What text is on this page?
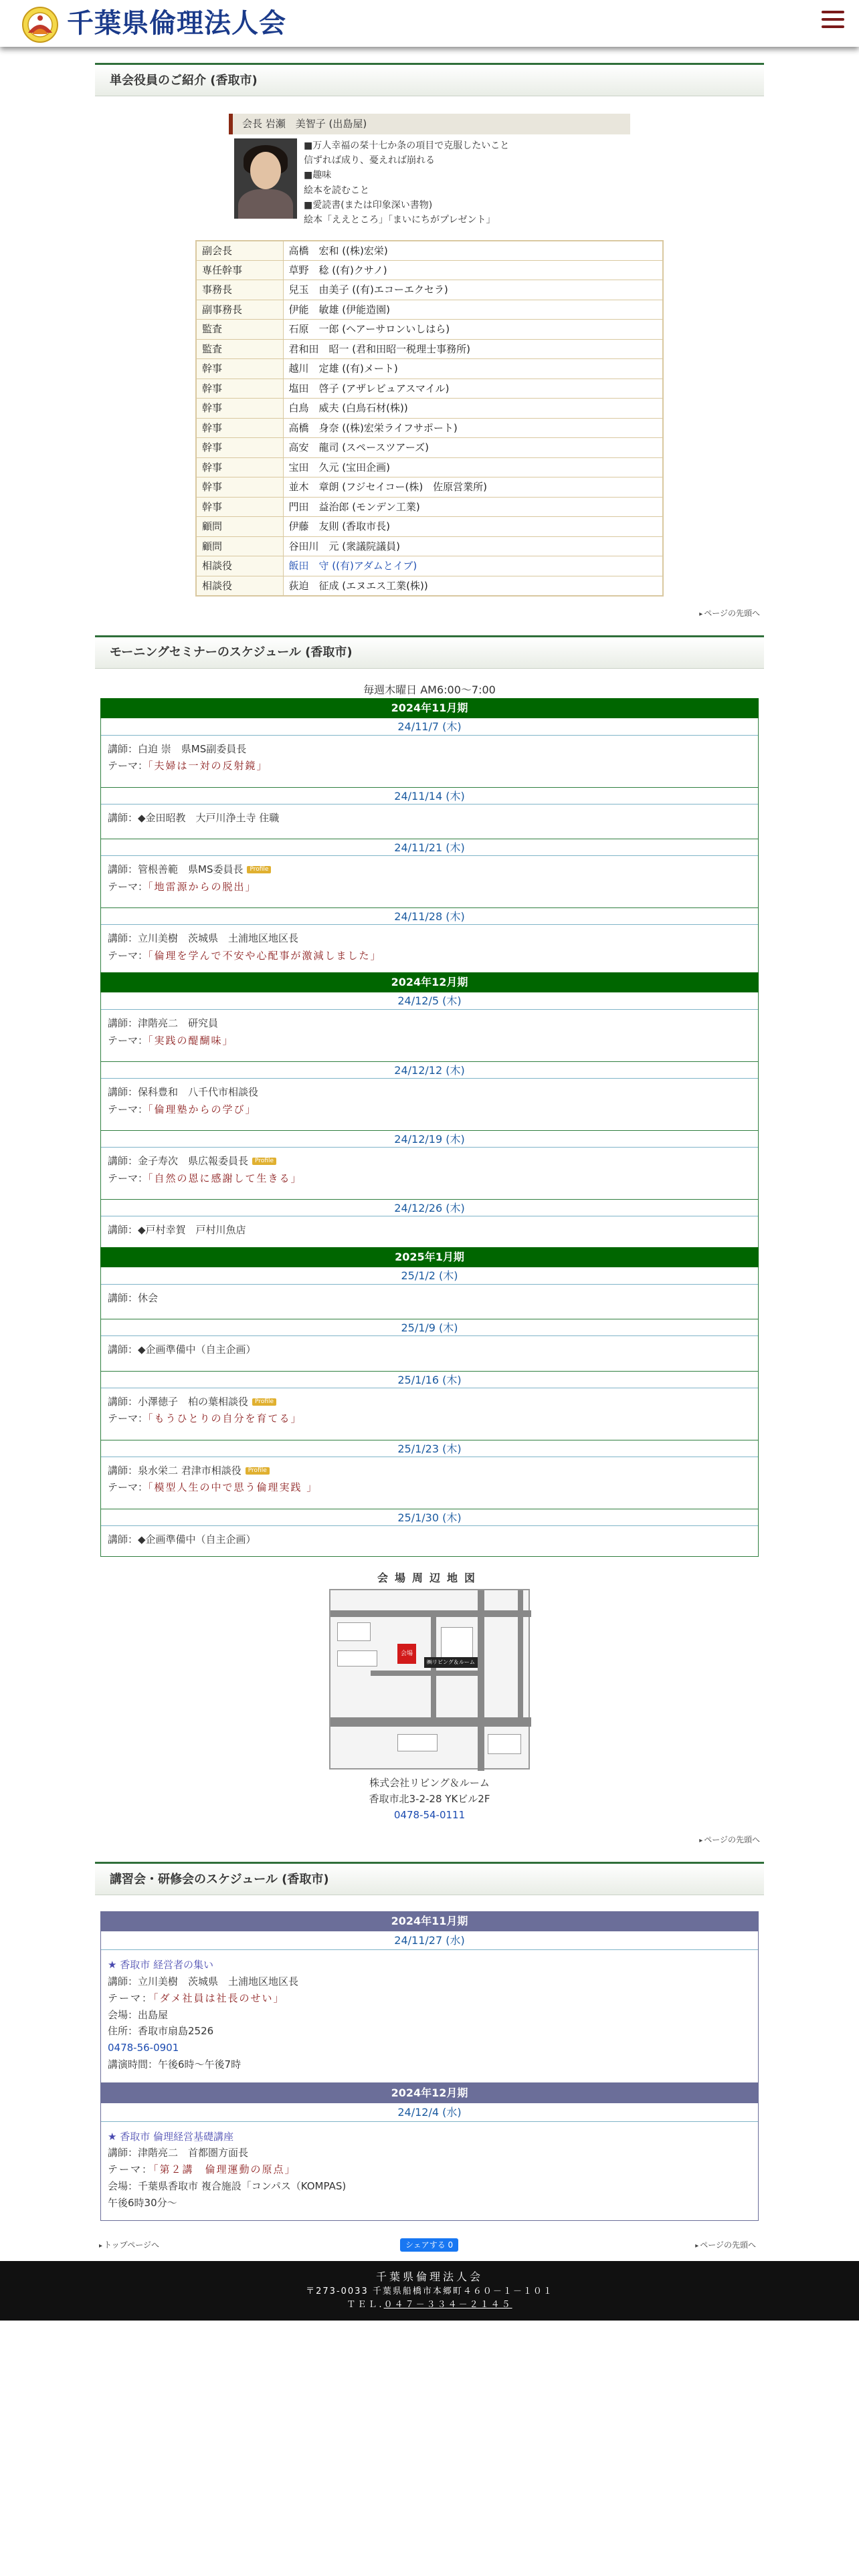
千葉県倫理法人会
単会役員のご紹介 (香取市)
会長 岩瀬　美智子 (出島屋)

■万人幸福の栞十七か条の項目で克服したいこと

信ずれば成り、憂えれば崩れる

■趣味

絵本を読むこと

■愛読書(または印象深い書物)

絵本「ええところ」「まいにちがプレゼント」

副会長	高橋　宏和 ((株)宏栄)
専任幹事	草野　稔 ((有)クサノ)
事務長	兒玉　由美子 ((有)エコーエクセラ)
副事務長	伊能　敏雄 (伊能造園)
監査	石原　一郎 (ヘアーサロンいしはら)
監査	君和田　昭一 (君和田昭一税理士事務所)
幹事	越川　定雄 ((有)メート)
幹事	塩田　啓子 (アザレビュアスマイル)
幹事	白鳥　威夫 (白鳥石材(株))
幹事	高橋　身奈 ((株)宏栄ライフサポート)
幹事	高安　龍司 (スペースツアーズ)
幹事	宝田　久元 (宝田企画)
幹事	並木　章朗 (フジセイコー(株)　佐原営業所)
幹事	門田　益治郎 (モンデン工業)
顧問	伊藤　友則 (香取市長)
顧問	谷田川　元 (衆議院議員)
相談役	飯田　守 ((有)アダムとイブ)
相談役	荻迫　征成 (エヌエス工業(株))
▸ ページの先頭へ
モーニングセミナーのスケジュール (香取市)
毎週木曜日 AM6:00～7:00
2024年11月期
24/11/7 (木)
講師：白迫 崇　県MS副委員長
テーマ：「夫婦は一対の反射鏡」
24/11/14 (木)
講師：◆金田昭教　大戸川浄土寺 住職
24/11/21 (木)
講師：管根善範　県MS委員長 Profile
テーマ：「地雷源からの脱出」
24/11/28 (木)
講師：立川美樹　茨城県　土浦地区地区長
テーマ：「倫理を学んで不安や心配事が激減しました」
2024年12月期
24/12/5 (木)
講師：津階亮二　研究員
テーマ：「実践の醍醐味」
24/12/12 (木)
講師：保科豊和　八千代市相談役
テーマ：「倫理塾からの学び」
24/12/19 (木)
講師：金子寿次　県広報委員長 Profile
テーマ：「自然の恩に感謝して生きる」
24/12/26 (木)
講師：◆戸村幸賀　戸村川魚店
2025年1月期
25/1/2 (木)
講師：休会
25/1/9 (木)
講師：◆企画準備中（自主企画）
25/1/16 (木)
講師：小澤徳子　柏の葉相談役 Profile
テーマ：「もうひとりの自分を育てる」
25/1/23 (木)
講師：泉水栄二 君津市相談役 Profile
テーマ：「模型人生の中で思う倫理実践 」
25/1/30 (木)
講師：◆企画準備中（自主企画）
会場周辺地図
会場
㈱リビング＆ルーム
株式会社リビング＆ルーム
香取市北3-2-28 YKビル2F
0478-54-0111
▸ ページの先頭へ
講習会・研修会のスケジュール (香取市)
2024年11月期
24/11/27 (水)
★ 香取市 経営者の集い
講師：立川美樹　茨城県　土浦地区地区長
テーマ：「ダメ社員は社長のせい」
会場：出島屋
住所：香取市扇島2526
0478-56-0901
講演時間：午後6時～午後7時
2024年12月期
24/12/4 (水)
★ 香取市 倫理経営基礎講座
講師：津階亮二　首都圏方面長
テーマ：「第２講　倫理運動の原点」
会場：千葉県香取市 複合施設「コンパス（KOMPAS)
午後6時30分～
▸ トップページへ	シェアする 0	▸ ページの先頭へ
千葉県倫理法人会
〒273-0033 千葉県船橋市本郷町４６０－１－１０１
ＴＥＬ.０４７－３３４－２１４５
